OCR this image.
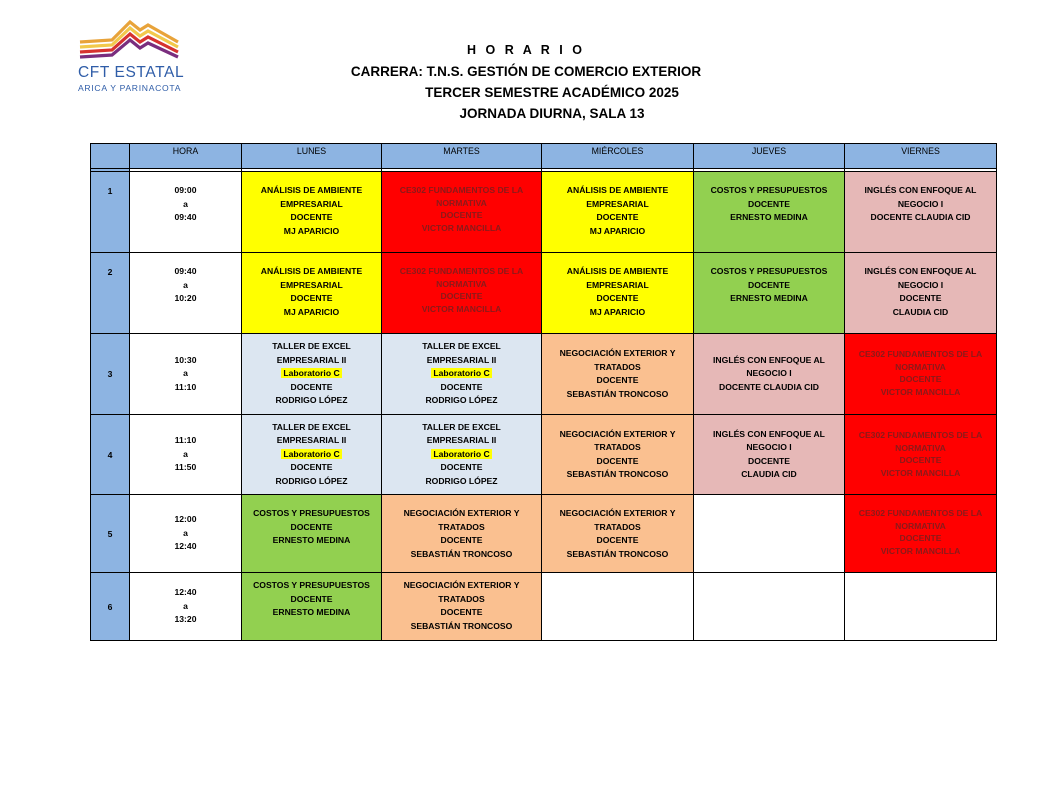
CFT ESTATAL
ARICA Y PARINACOTA
H O R A R I O
CARRERA: T.N.S. GESTIÓN DE COMERCIO EXTERIOR
TERCER SEMESTRE ACADÉMICO 2025
JORNADA DIURNA, SALA 13
	HORA	LUNES	MARTES	MIÉRCOLES	JUEVES	VIERNES

1	09:00
a
09:40	ANÁLISIS DE AMBIENTE
EMPRESARIAL
DOCENTE
MJ APARICIO	CE302 FUNDAMENTOS DE LA
NORMATIVA
DOCENTE
VICTOR MANCILLA	ANÁLISIS DE AMBIENTE
EMPRESARIAL
DOCENTE
MJ APARICIO	COSTOS Y PRESUPUESTOS
DOCENTE
ERNESTO MEDINA	INGLÉS CON ENFOQUE AL
NEGOCIO I
DOCENTE CLAUDIA CID

2	09:40
a
10:20	ANÁLISIS DE AMBIENTE
EMPRESARIAL
DOCENTE
MJ APARICIO	CE302 FUNDAMENTOS DE LA
NORMATIVA
DOCENTE
VICTOR MANCILLA	ANÁLISIS DE AMBIENTE
EMPRESARIAL
DOCENTE
MJ APARICIO	COSTOS Y PRESUPUESTOS
DOCENTE
ERNESTO MEDINA	INGLÉS CON ENFOQUE AL
NEGOCIO I
DOCENTE
CLAUDIA CID

3	10:30
a
11:10	TALLER DE EXCEL
EMPRESARIAL II
Laboratorio C
DOCENTE
RODRIGO LÓPEZ	TALLER DE EXCEL
EMPRESARIAL II
Laboratorio C
DOCENTE
RODRIGO LÓPEZ	NEGOCIACIÓN EXTERIOR Y
TRATADOS
DOCENTE
SEBASTIÁN TRONCOSO	INGLÉS CON ENFOQUE AL
NEGOCIO I
DOCENTE CLAUDIA CID	CE302 FUNDAMENTOS DE LA
NORMATIVA
DOCENTE
VICTOR MANCILLA

4	11:10
a
11:50	TALLER DE EXCEL
EMPRESARIAL II
Laboratorio C
DOCENTE
RODRIGO LÓPEZ	TALLER DE EXCEL
EMPRESARIAL II
Laboratorio C
DOCENTE
RODRIGO LÓPEZ	NEGOCIACIÓN EXTERIOR Y
TRATADOS
DOCENTE
SEBASTIÁN TRONCOSO	INGLÉS CON ENFOQUE AL
NEGOCIO I
DOCENTE
CLAUDIA CID	CE302 FUNDAMENTOS DE LA
NORMATIVA
DOCENTE
VICTOR MANCILLA

5	12:00
a
12:40	COSTOS Y PRESUPUESTOS
DOCENTE
ERNESTO MEDINA	NEGOCIACIÓN EXTERIOR Y
TRATADOS
DOCENTE
SEBASTIÁN TRONCOSO	NEGOCIACIÓN EXTERIOR Y
TRATADOS
DOCENTE
SEBASTIÁN TRONCOSO		CE302 FUNDAMENTOS DE LA
NORMATIVA
DOCENTE
VICTOR MANCILLA

6	12:40
a
13:20	COSTOS Y PRESUPUESTOS
DOCENTE
ERNESTO MEDINA	NEGOCIACIÓN EXTERIOR Y
TRATADOS
DOCENTE
SEBASTIÁN TRONCOSO			
